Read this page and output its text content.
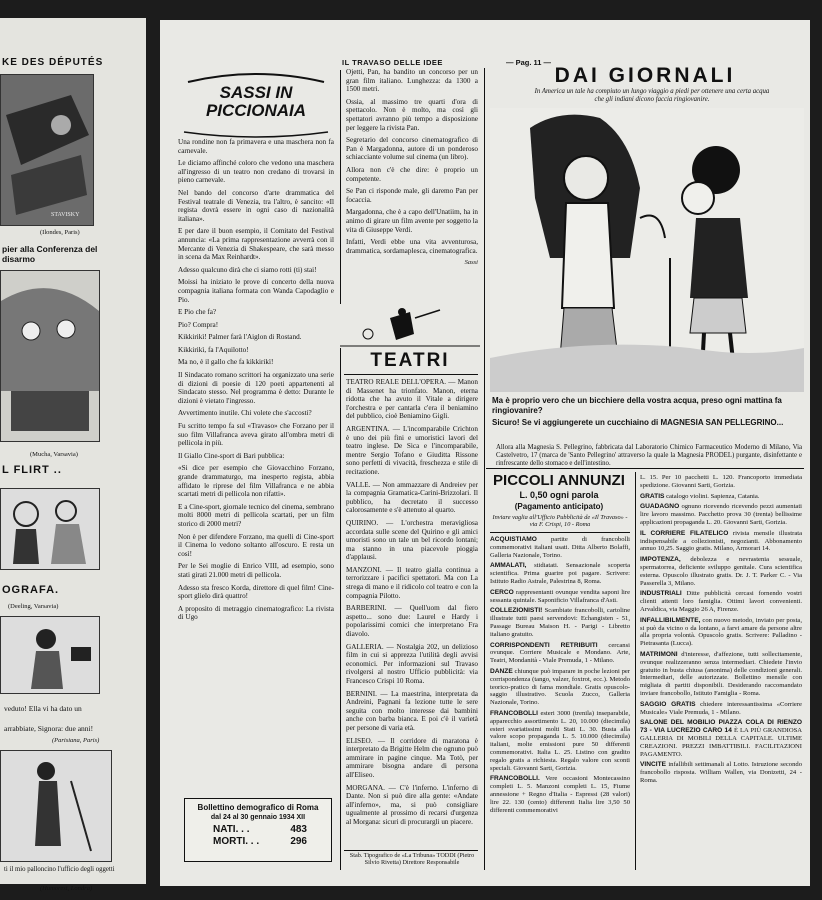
KE DES DÉPUTÉS
STAVISKY
(Ilondes, Paris)
pier alla Conferenza del disarmo
(Mucha, Varsavia)
L FLIRT ..
OGRAFA.
(Deeling, Varsavia)
veduto! Ella vi ha dato un
arrabbiate, Signora: due anni!
(Parisiana, Paris)
ti il mio palloncino l'ufficio degli oggetti
(Humorest, Londra)
IL TRAVASO DELLE IDEE	— Pag. 11 —
SASSI IN PICCIONAIA

Una rondine non fa primavera e una maschera non fa carnevale.

Le diciamo affinché coloro che vedono una maschera all'ingresso di un teatro non credano di trovarsi in pieno carnevale.

Nel bando del concorso d'arte drammatica del Festival teatrale di Venezia, tra l'altro, è sancito: «Il regista dovrà essere in ogni caso di nazionalità italiana».

E per dare il buon esempio, il Comitato del Festival annuncia: «La prima rappresentazione avverrà con il Mercante di Venezia di Shakespeare, che sarà messo in scena da Max Reinhardt».

Adesso qualcuno dirà che ci siamo rotti (ti) stai!

Moissi ha iniziato le prove di concerto della nuova compagnia italiana formata con Wanda Capodaglio e Pio.

E Pio che fa?

Pio? Compra!

Kikkirikì! Palmer farà l'Aiglon di Rostand.

Kikkirikì, fa l'Aquilotto!

Ma no, è il gallo che fa kikkirikì!

Il Sindacato romano scrittori ha organizzato una serie di dizioni di poesie di 120 poeti appartenenti al Sindacato stesso. Nel programma è detto: Durante le dizioni è vietato l'ingresso.

Avvertimento inutile. Chi volete che s'accosti?

Fu scritto tempo fa sul «Travaso» che Forzano per il suo film Villafranca aveva girato all'ombra metri di pellicola in più.

Il Giallo Cine-sport di Bari pubblica:

«Si dice per esempio che Giovacchino Forzano, grande drammaturgo, ma inesperto regista, abbia affidato le riprese del film Villafranca e ne abbia scartati metri di pellicola non rifatti».

E a Cine-sport, giornale tecnico del cinema, sembrano molti 8000 metri di pellicola scartati, per un film storico di 2000 metri?

Non è per difendere Forzano, ma quelli di Cine-sport il Cinema lo vedono soltanto all'oscuro. E resta un così!

Per le Sei moglie di Enrico VIII, ad esempio, sono stati girati 21.000 metri di pellicola.

Adesso sta fresco Korda, direttore di quel film! Cine-sport glielo dirà quattro!

A proposito di metraggio cinematografico: La rivista di Ugo

Bollettino demografico di Roma
dal 24 al 30 gennaio 1934 XII
NATI. . .	483
MORTI. . .	296

Ojetti, Pan, ha bandito un concorso per un gran film italiano. Lunghezza: da 1300 a 1500 metri.

Ossia, al massimo tre quarti d'ora di spettacolo. Non è molto, ma così gli spettatori avranno più tempo a disposizione per leggere la rivista Pan.

Segretario del concorso cinematografico di Pan è Margadonna, autore di un ponderoso schiacciante volume sul cinema (un libro).

Allora non c'è che dire: è proprio un competente.

Se Pan ci risponde male, gli daremo Pan per focaccia.

Margadonna, che è a capo dell'Unatiim, ha in animo di girare un film avente per soggetto la vita di Giuseppe Verdi.

Infatti, Verdi ebbe una vita avventurosa, drammatica, sordamaplesca, cinematografica.

Sassi
TEATRI

TEATRO REALE DELL'OPERA. — Manon di Massenet ha trionfato. Manon, eterna ridotta che ha avuto il Vitale a dirigere l'orchestra e per cantarla c'era il beniamino del pubblico, cioè Beniamino Gigli.

ARGENTINA. — L'incomparabile Crichton è uno dei più fini e umoristici lavori del teatro inglese. De Sica e l'incomparabile, mentre Sergio Tofano e Giuditta Rissone sono perfetti di vivacità, freschezza e stile di recitazione.

VALLE. — Non ammazzare di Andreiev per la compagnia Gramatica-Carini-Brizzolari. Il pubblico, ha decretato il successo calorosamente e s'è attenuto al quarto.

QUIRINO. — L'orchestra meravigliosa accordata sulle scene del Quirino e gli amici umoristi sono un tale un bel ricordo lontani; ma stanno in una piacevole pioggia d'applausi.

MANZONI. — Il teatro gialla continua a terrorizzare i pacifici spettatori. Ma con La strega di mano e il ridicolo col teatro e con la compagnia Pilotto.

BARBERINI. — Quell'uom dal fiero aspetto... sono due: Laurel e Hardy i popolarissimi comici che interpretano Fra diavolo.

GALLERIA. — Nostalgia 202, un delizioso film in cui si apprezza l'utilità degli avvisi economici. Per informazioni sul Travaso rivolgersi al nostro Ufficio pubblicità: via Francesco Crispi 10 Roma.

BERNINI. — La maestrina, interpretata da Andreini, Pagnani fa lezione tutte le sere seguita con molto interesse dai bambini anche con barba bianca. E poi c'è il varietà per persone di varia età.

ELISEO. — Il corridore di maratona è interpretato da Brigitte Helm che ognuno può ammirare in pagine cinque. Ma Totò, per ammirare bisogna andare di persona all'Eliseo.

MORGANA. — C'è l'inferno. L'inferno di Dante. Non si può dire alla gente: «Andate all'inferno», ma, si può consigliare ugualmente al prossimo di recarsi d'urgenza al Morgana: sicuri di procurargli un piacere.

Stab. Tipografico de «La Tribuna» TODDI (Pietro Silvio Rivetta) Direttore Responsabile
DAI GIORNALI
In America un tale ha compiuto un lungo viaggio a piedi per ottenere una certa acqua che gli indiani dicono faccia ringiovanire.
Ma è proprio vero che un bicchiere della vostra acqua, preso ogni mattina fa ringiovanire?
Sicuro! Se vi aggiungerete un cucchiaino di MAGNESIA SAN PELLEGRINO...
Allora alla Magnesia S. Pellegrino, fabbricata dal Laboratorio Chimico Farmaceutico Moderno di Milano, Via Castelvetro, 17 (marca de 'Santo Pellegrino' attraverso la quale la Magnesia PRODEL) purgante, disinfettante e rinfrescante dello stomaco e dell'intestino.
PICCOLI ANNUNZI
L. 0,50 ogni parola
(Pagamento anticipato)
Inviare vaglia all'Ufficio Pubblicità de «Il Travaso» - via F. Crispi, 10 - Roma

ACQUISTIAMO partite di francobolli commemorativi italiani usati. Ditta Alberto Bolaffi, Galleria Nazionale, Torino.

AMMALATI, stidiatati. Sensazionale scoperta scientifica. Prima guarire poi pagare. Scrivere: Istituto Radio Astrale, Palestrina 8, Roma.

CERCO rappresentanti ovunque vendita saponi lire sessanta quintale. Saponificio Villafranca d'Asti.

COLLEZIONISTI! Scambiate francobolli, cartoline illustrate tutti paesi servendovi: Echangisten - 51, Passage Bureau Maison H. - Parigi - Libretto italiano gratuito.

CORRISPONDENTI RETRIBUITI cercansi ovunque. Corriere Musicale e Mondano. Arte, Teatri, Mondanità - Viale Premuda, 1 - Milano.

DANZE chiunque può imparare in poche lezioni per corrispondenza (tango, valzer, foxtrot, ecc.). Metodo teorico-pratico di fama mondiale. Gratis opuscolo-saggio illustrativo. Scuola Zucco, Galleria Nazionale, Torino.

FRANCOBOLLI esteri 3000 (trenila) inseparabile, apparecchio assortimento L. 20, 10.000 (diecimila) esteri svariatissimi molti Stati L. 30. Busta alla valore scopo propaganda L. 5. 10.000 (diecimila) italiani, molte emissioni pure 50 differenti commemorativi. Italia L. 25. Listino con gradito regalo gratis a richiesta. Regalo valore con sconti speciali. Giovanni Sarti, Gorizia.

FRANCOBOLLI. Vere occasioni Montecassino completi L. 5. Manzoni completi L. 15, Fiume annessione + Regno d'Italia - Espressi (28 valori) lire 22. 130 (cento) differenti Italia lire 3,50 50 differenti commemorativi

L. 15. Per 10 pacchetti L. 120. Francoporto immediata spedizione. Giovanni Sarti, Gorizia.

GRATIS catalogo violini. Sapienza, Catania.

GUADAGNO ognuno ricevendo ricevendo pezzi aumentati lire lavoro massimo. Pacchetto prova 30 (trenta) bellissime applicazioni propaganda L. 20. Giovanni Sarti, Gorizia.

IL CORRIERE FILATELICO rivista mensile illustrata indispensabile a collezionisti, negozianti. Abbonamento annuo 10,25. Saggio gratis. Milano, Armorari 14.

IMPOTENZA, debolezza e nevrastenia sessuale, spermatorrea, deficiente sviluppo genitale. Cura scientifica esterna. Opuscolo illustrato gratis. Dr. J. T. Parker C. - Via Passerella 3, Milano.

INDUSTRIALI Ditte pubblicità cercasi fornendo vostri clienti attenti loro famiglia. Ottimi lavori convenienti. Arvaldica, via Maggio 26 A, Firenze.

INFALLIBILMENTE, con nuovo metodo, inviato per posta, si può da vicino o da lontano, a farvi amare da persone altre alla propria volontà. Opuscolo gratis. Scrivere: Palladino - Pietrasanta (Lucca).

MATRIMONI d'interesse, d'affezione, tutti sollecitamente, ovunque realizzeranno senza intermediari. Chiedete l'invio gratuito in busta chiusa (anonima) delle condizioni generali. Intermediari, delle autorizzate. Bollettino mensile con migliaia di partiti disponibili. Desiderando raccomandato inviare francobollo, Istituto Famiglia - Roma.

SAGGIO GRATIS chiedere interessantissima «Corriere Musicale» Viale Premuda, 1 - Milano.

SALONE DEL MOBILIO PIAZZA COLA DI RIENZO 73 - VIA LUCREZIO CARO 14 È LA PIÙ GRANDIOSA GALLERIA DI MOBILI DELLA CAPITALE. ULTIME CREAZIONI. PREZZI IMBATTIBILI. FACILITAZIONI PAGAMENTO.

VINCITE infallibili settimanali al Lotto. Istruzione secondo francobollo risposta. William Wallen, via Donizetti, 24 - Roma.
